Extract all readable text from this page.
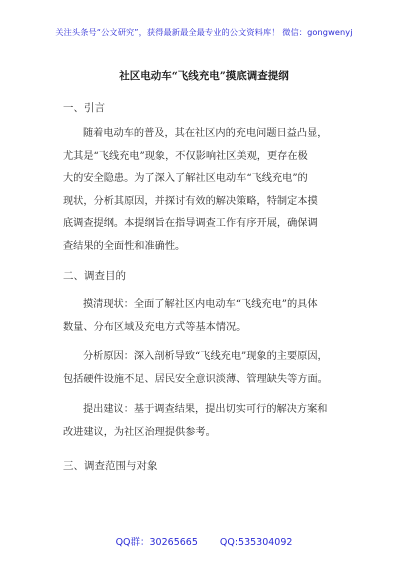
关注头条号“公文研究”，获得最新最全最专业的公文资料库！ 微信：gongwenyj
社区电动车“飞线充电”摸底调查提纲
一、引言
随着电动车的普及，其在社区内的充电问题日益凸显，
尤其是“飞线充电”现象，不仅影响社区美观，更存在极
大的安全隐患。为了深入了解社区电动车“飞线充电”的
现状，分析其原因，并探讨有效的解决策略，特制定本摸
底调查提纲。本提纲旨在指导调查工作有序开展，确保调
查结果的全面性和准确性。
二、调查目的
摸清现状：全面了解社区内电动车“飞线充电”的具体
数量、分布区域及充电方式等基本情况。
分析原因：深入剖析导致“飞线充电”现象的主要原因，
包括硬件设施不足、居民安全意识淡薄、管理缺失等方面。
提出建议：基于调查结果，提出切实可行的解决方案和
改进建议，为社区治理提供参考。
三、调查范围与对象
QQ群：30265665 QQ:535304092
